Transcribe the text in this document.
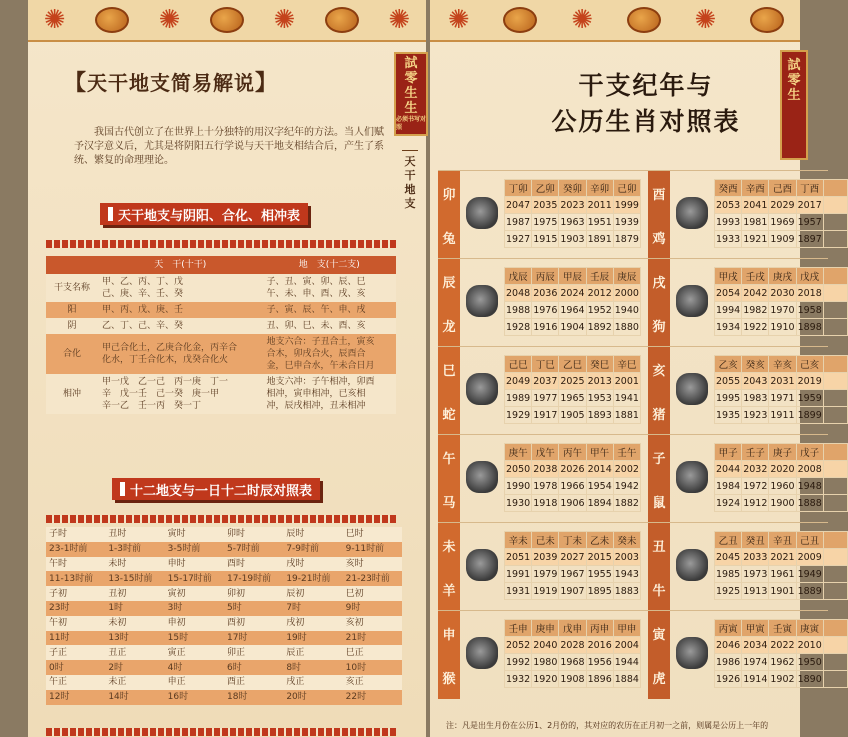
✺	✺	✺	✺
【 天干地支简易解说 】
試
零
生
生
必须书写对照
天
干
地
支
我国古代创立了在世界上十分独特的用汉字纪年的方法。当人们赋予汉字意义后，尤其是将阴阳五行学说与天干地支相结合后，产生了系统、繁复的命理理论。
天干地支与阴阳、合化、相冲表
	天　干(十干)	地　支(十二支)
干支名称	甲、乙、丙、丁、戊
己、庚、辛、壬、癸	子、丑、寅、卯、辰、巳
午、未、申、酉、戌、亥
阳	甲、丙、戊、庚、壬	子、寅、辰、午、申、戌
阴	乙、丁、己、辛、癸	丑、卯、巳、未、酉、亥
合化	甲己合化土，乙庚合化金，丙辛合
化水，丁壬合化木，戊癸合化火	地支六合：子丑合土，寅亥
合木，卯戌合火，辰酉合
金，巳申合水，午未合日月
相冲	甲一戊　乙一己　丙一庚　丁一
辛　戊一壬　己一癸　庚一甲
辛一乙　壬一丙　癸一丁	地支六冲：子午相冲，卯酉
相冲，寅申相冲，已亥相
冲，辰戌相冲，丑未相冲
十二地支与一日十二时辰对照表
子时	丑时	寅时	卯时	辰时	巳时
23-1时前	1-3时前	3-5时前	5-7时前	7-9时前	9-11时前
午时	未时	申时	酉时	戌时	亥时
11-13时前	13-15时前	15-17时前	17-19时前	19-21时前	21-23时前
子初	丑初	寅初	卯初	辰初	巳初
23时	1时	3时	5时	7时	9时
午初	未初	申初	酉初	戌初	亥初
11时	13时	15时	17时	19时	21时
子正	丑正	寅正	卯正	辰正	巳正
0时	2时	4时	6时	8时	10时
午正	未正	申正	酉正	戌正	亥正
12时	14时	16时	18时	20时	22时
✺	✺	✺
干支纪年与
公历生肖对照表
試
零
生
卯
兔
丁卯	乙卯	癸卯	辛卯	己卯
2047	2035	2023	2011	1999
1987	1975	1963	1951	1939
1927	1915	1903	1891	1879
酉
鸡
癸酉	辛酉	己酉	丁酉	
2053	2041	2029	2017	
1993	1981	1969	1957	
1933	1921	1909	1897	
辰
龙
戊辰	丙辰	甲辰	壬辰	庚辰
2048	2036	2024	2012	2000
1988	1976	1964	1952	1940
1928	1916	1904	1892	1880
戌
狗
甲戌	壬戌	庚戌	戊戌	
2054	2042	2030	2018	
1994	1982	1970	1958	
1934	1922	1910	1898	
巳
蛇
己巳	丁巳	乙巳	癸巳	辛巳
2049	2037	2025	2013	2001
1989	1977	1965	1953	1941
1929	1917	1905	1893	1881
亥
猪
乙亥	癸亥	辛亥	己亥	
2055	2043	2031	2019	
1995	1983	1971	1959	
1935	1923	1911	1899	
午
马
庚午	戊午	丙午	甲午	壬午
2050	2038	2026	2014	2002
1990	1978	1966	1954	1942
1930	1918	1906	1894	1882
子
鼠
甲子	壬子	庚子	戊子	
2044	2032	2020	2008	
1984	1972	1960	1948	
1924	1912	1900	1888	
未
羊
辛未	己未	丁未	乙未	癸未
2051	2039	2027	2015	2003
1991	1979	1967	1955	1943
1931	1919	1907	1895	1883
丑
牛
乙丑	癸丑	辛丑	己丑	
2045	2033	2021	2009	
1985	1973	1961	1949	
1925	1913	1901	1889	
申
猴
壬申	庚申	戊申	丙申	甲申
2052	2040	2028	2016	2004
1992	1980	1968	1956	1944
1932	1920	1908	1896	1884
寅
虎
丙寅	甲寅	壬寅	庚寅	
2046	2034	2022	2010	
1986	1974	1962	1950	
1926	1914	1902	1890	
注：凡是出生月份在公历1、2月份的，其对应的农历在正月初一之前，则属是公历上一年的
